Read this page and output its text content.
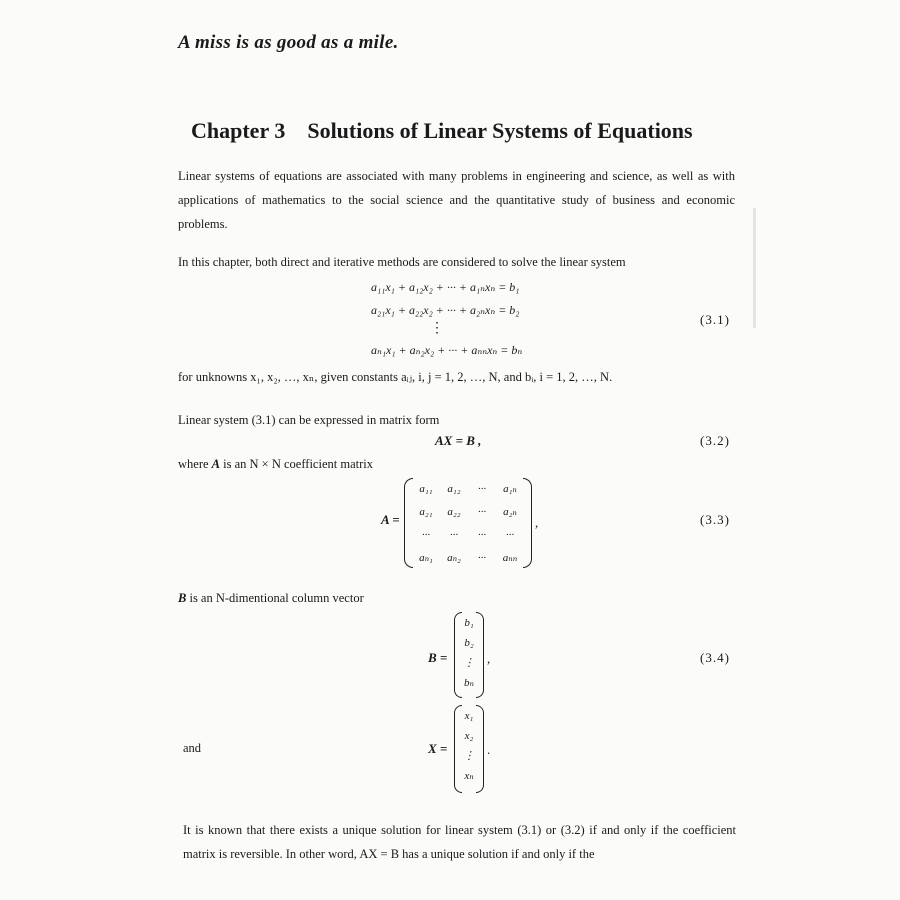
A miss is as good as a mile.
Chapter 3 Solutions of Linear Systems of Equations
Linear systems of equations are associated with many problems in engineering and science, as well as with applications of mathematics to the social science and the quantitative study of business and economic problems.
In this chapter, both direct and iterative methods are considered to solve the linear system
a₁₁x₁ + a₁₂x₂ + ··· + a₁ₙxₙ = b₁
a₂₁x₁ + a₂₂x₂ + ··· + a₂ₙxₙ = b₂
⋮
aₙ₁x₁ + aₙ₂x₂ + ··· + aₙₙxₙ = bₙ
(3.1)
for unknowns x₁, x₂, …, xₙ, given constants aᵢⱼ, i, j = 1, 2, …, N, and bᵢ, i = 1, 2, …, N.
Linear system (3.1) can be expressed in matrix form
AX = B ,	(3.2)
where A is an N × N coefficient matrix
A =
a₁₁	a₁₂	···	a₁ₙ
a₂₁	a₂₂	···	a₂ₙ
···	···	···	···
aₙ₁	aₙ₂	···	aₙₙ
,	(3.3)
B is an N-dimentional column vector
B =
b₁
b₂
⋮
bₙ
,	(3.4)
and	X =
x₁
x₂
⋮
xₙ
.
It is known that there exists a unique solution for linear system (3.1) or (3.2) if and only if the coefficient matrix is reversible. In other word, AX = B has a unique solution if and only if the
